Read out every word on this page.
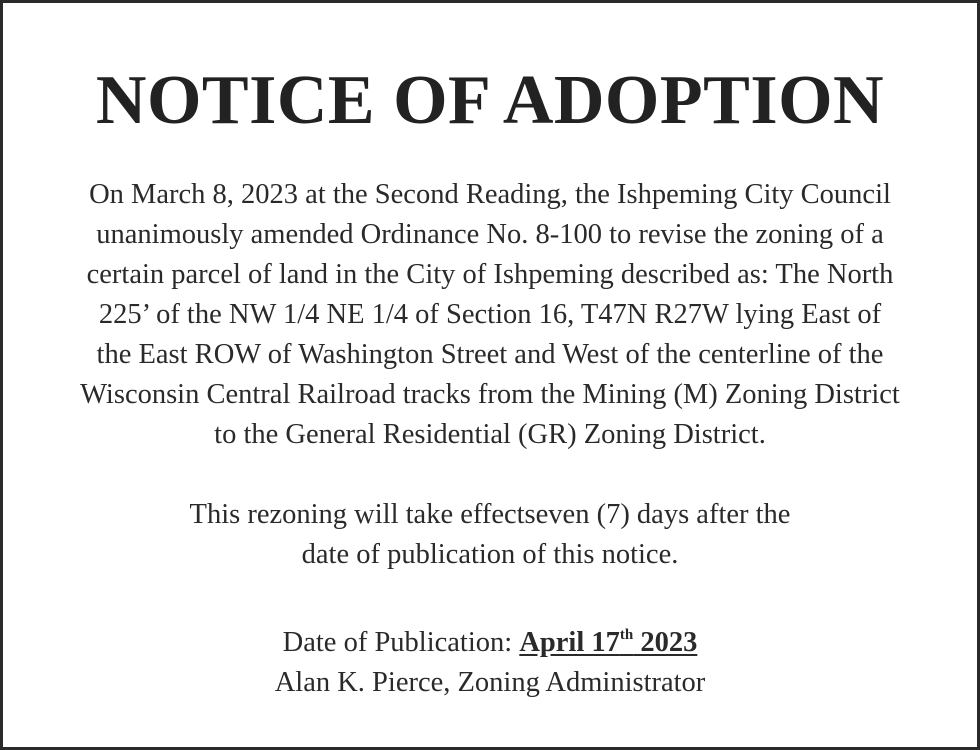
NOTICE OF ADOPTION
On March 8, 2023 at the Second Reading, the Ishpeming City Council
unanimously amended Ordinance No. 8-100 to revise the zoning of a
certain parcel of land in the City of Ishpeming described as: The North
225’ of the NW 1/4 NE 1/4 of Section 16, T47N R27W lying East of
the East ROW of Washington Street and West of the centerline of the
Wisconsin Central Railroad tracks from the Mining (M) Zoning District
to the General Residential (GR) Zoning District.
This rezoning will take effectseven (7) days after the
date of publication of this notice.
Date of Publication: April 17th 2023
Alan K. Pierce, Zoning Administrator
